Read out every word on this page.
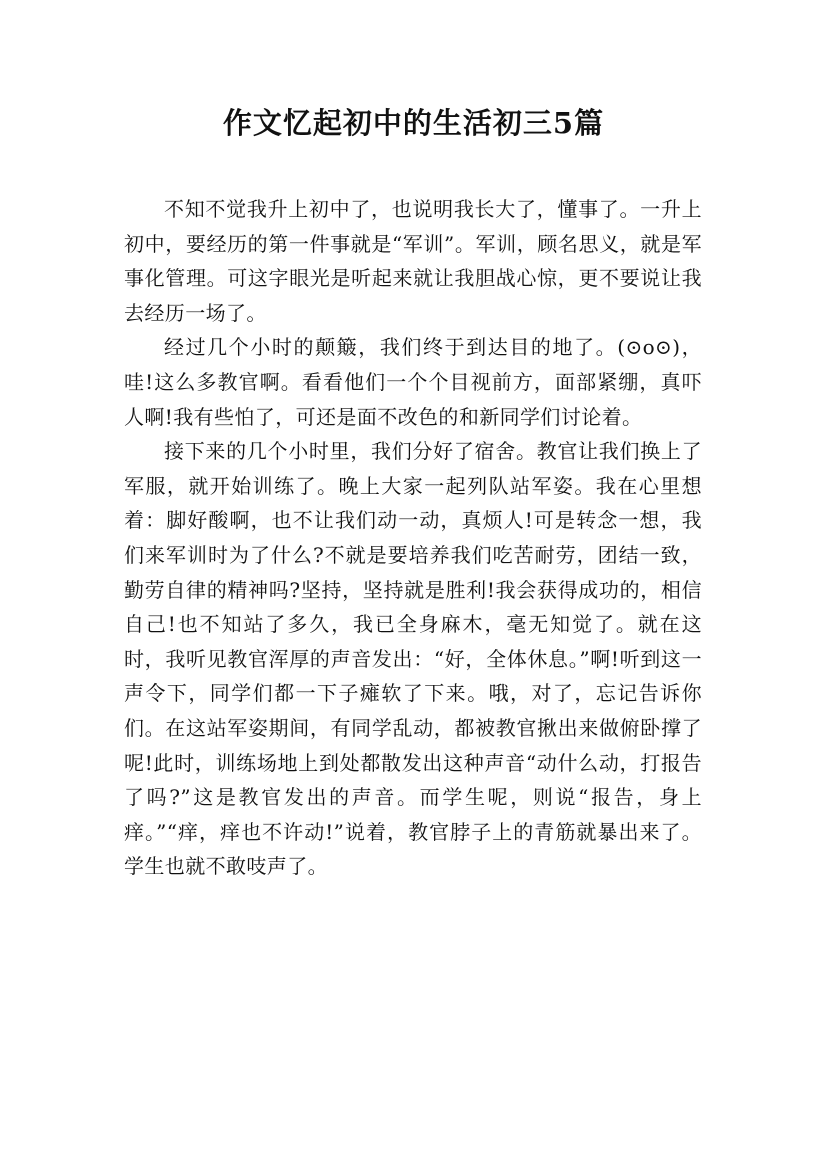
作文忆起初中的生活初三5篇

不知不觉我升上初中了，也说明我长大了，懂事了。一升上初中，要经历的第一件事就是“军训”。军训，顾名思义，就是军事化管理。可这字眼光是听起来就让我胆战心惊，更不要说让我去经历一场了。

经过几个小时的颠簸，我们终于到达目的地了。(⊙o⊙)，哇!这么多教官啊。看看他们一个个目视前方，面部紧绷，真吓人啊!我有些怕了，可还是面不改色的和新同学们讨论着。

接下来的几个小时里，我们分好了宿舍。教官让我们换上了军服，就开始训练了。晚上大家一起列队站军姿。我在心里想着：脚好酸啊，也不让我们动一动，真烦人!可是转念一想，我们来军训时为了什么?不就是要培养我们吃苦耐劳，团结一致，勤劳自律的精神吗?坚持，坚持就是胜利!我会获得成功的，相信自己!也不知站了多久，我已全身麻木，毫无知觉了。就在这时，我听见教官浑厚的声音发出：“好，全体休息。”啊!听到这一声令下，同学们都一下子瘫软了下来。哦，对了，忘记告诉你们。在这站军姿期间，有同学乱动，都被教官揪出来做俯卧撑了呢!此时，训练场地上到处都散发出这种声音“动什么动，打报告了吗?”这是教官发出的声音。而学生呢，则说“报告，身上痒。”“痒，痒也不许动!”说着，教官脖子上的青筋就暴出来了。学生也就不敢吱声了。
